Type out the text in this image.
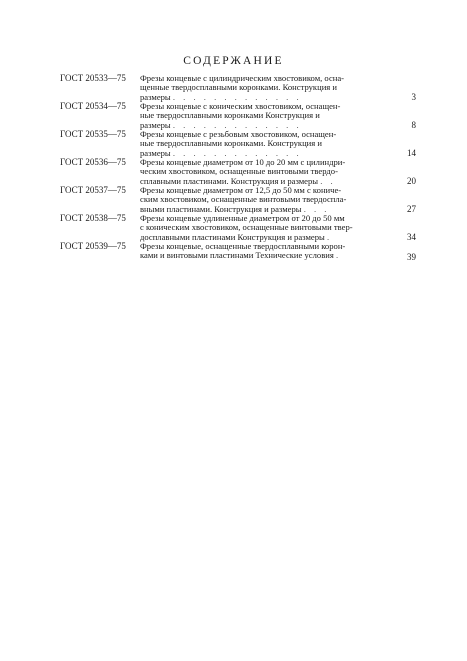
СОДЕРЖАНИЕ
ГОСТ 20533—75	Фрезы концевые с цилиндрическим хвостовиком, осна-
щенные твердосплавными коронками. Конструкция и
размеры . . . . . . . . . . . . .	3
ГОСТ 20534—75	Фрезы концевые с коническим хвостовиком, оснащен-
ные твердосплавными коронками Конструкция и
размеры . . . . . . . . . . . . .	8
ГОСТ 20535—75	Фрезы концевые с резьбовым хвостовиком, оснащен-
ные твердосплавными коронками. Конструкция и
размеры . . . . . . . . . . . . .	14
ГОСТ 20536—75	Фрезы концевые диаметром от 10 до 20 мм с цилиндри-
ческим хвостовиком, оснащенные винтовыми твердо-
сплавными пластинами. Конструкция и размеры . .	20
ГОСТ 20537—75	Фрезы концевые диаметром от 12,5 до 50 мм с кониче-
ским хвостовиком, оснащенные винтовыми твердоспла-
вными пластинами. Конструкция и размеры . . .	27
ГОСТ 20538—75	Фрезы концевые удлиненные диаметром от 20 до 50 мм
с коническим хвостовиком, оснащенные винтовыми твер-
досплавными пластинами Конструкция и размеры .	34
ГОСТ 20539—75	Фрезы концевые, оснащенные твердосплавными корон-
ками и винтовыми пластинами Технические условия .	39
